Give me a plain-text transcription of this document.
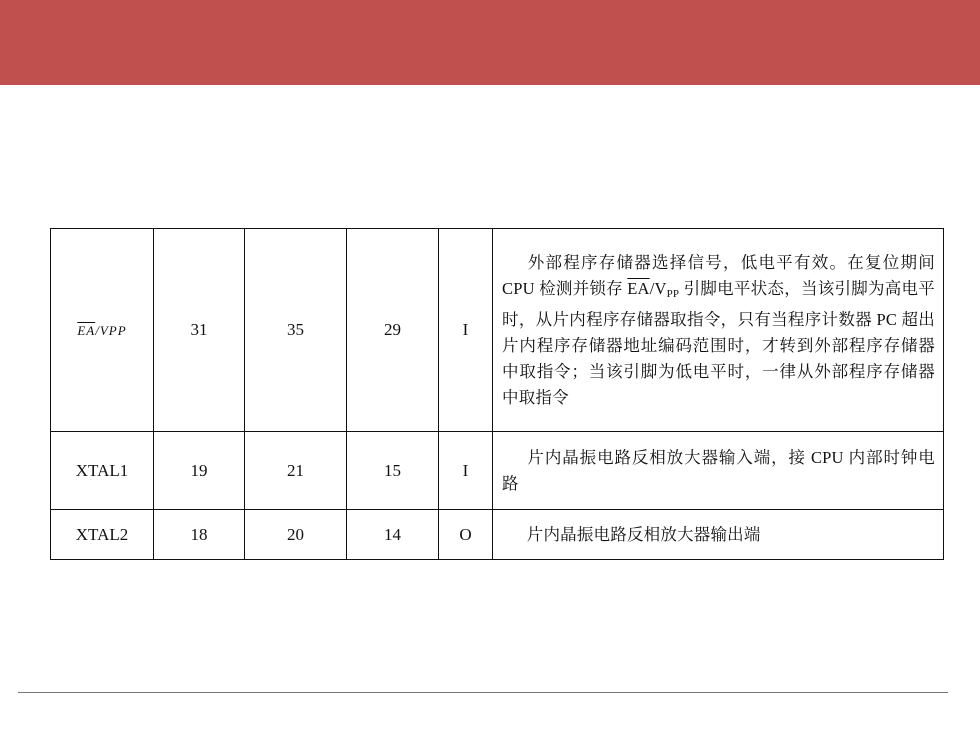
$\overline{EA}$/VPP	31	35	29	I	外部程序存储器选择信号，低电平有效。在复位期间 CPU 检测并锁存 $\overline{EA}/V_{PP}$ 引脚电平状态，当该引脚为高电平时，从片内程序存储器取指令，只有当程序计数器 PC 超出片内程序存储器地址编码范围时，才转到外部程序存储器中取指令；当该引脚为低电平时，一律从外部程序存储器中取指令
XTAL1	19	21	15	I	片内晶振电路反相放大器输入端，接 CPU 内部时钟电路
XTAL2	18	20	14	O	片内晶振电路反相放大器输出端
